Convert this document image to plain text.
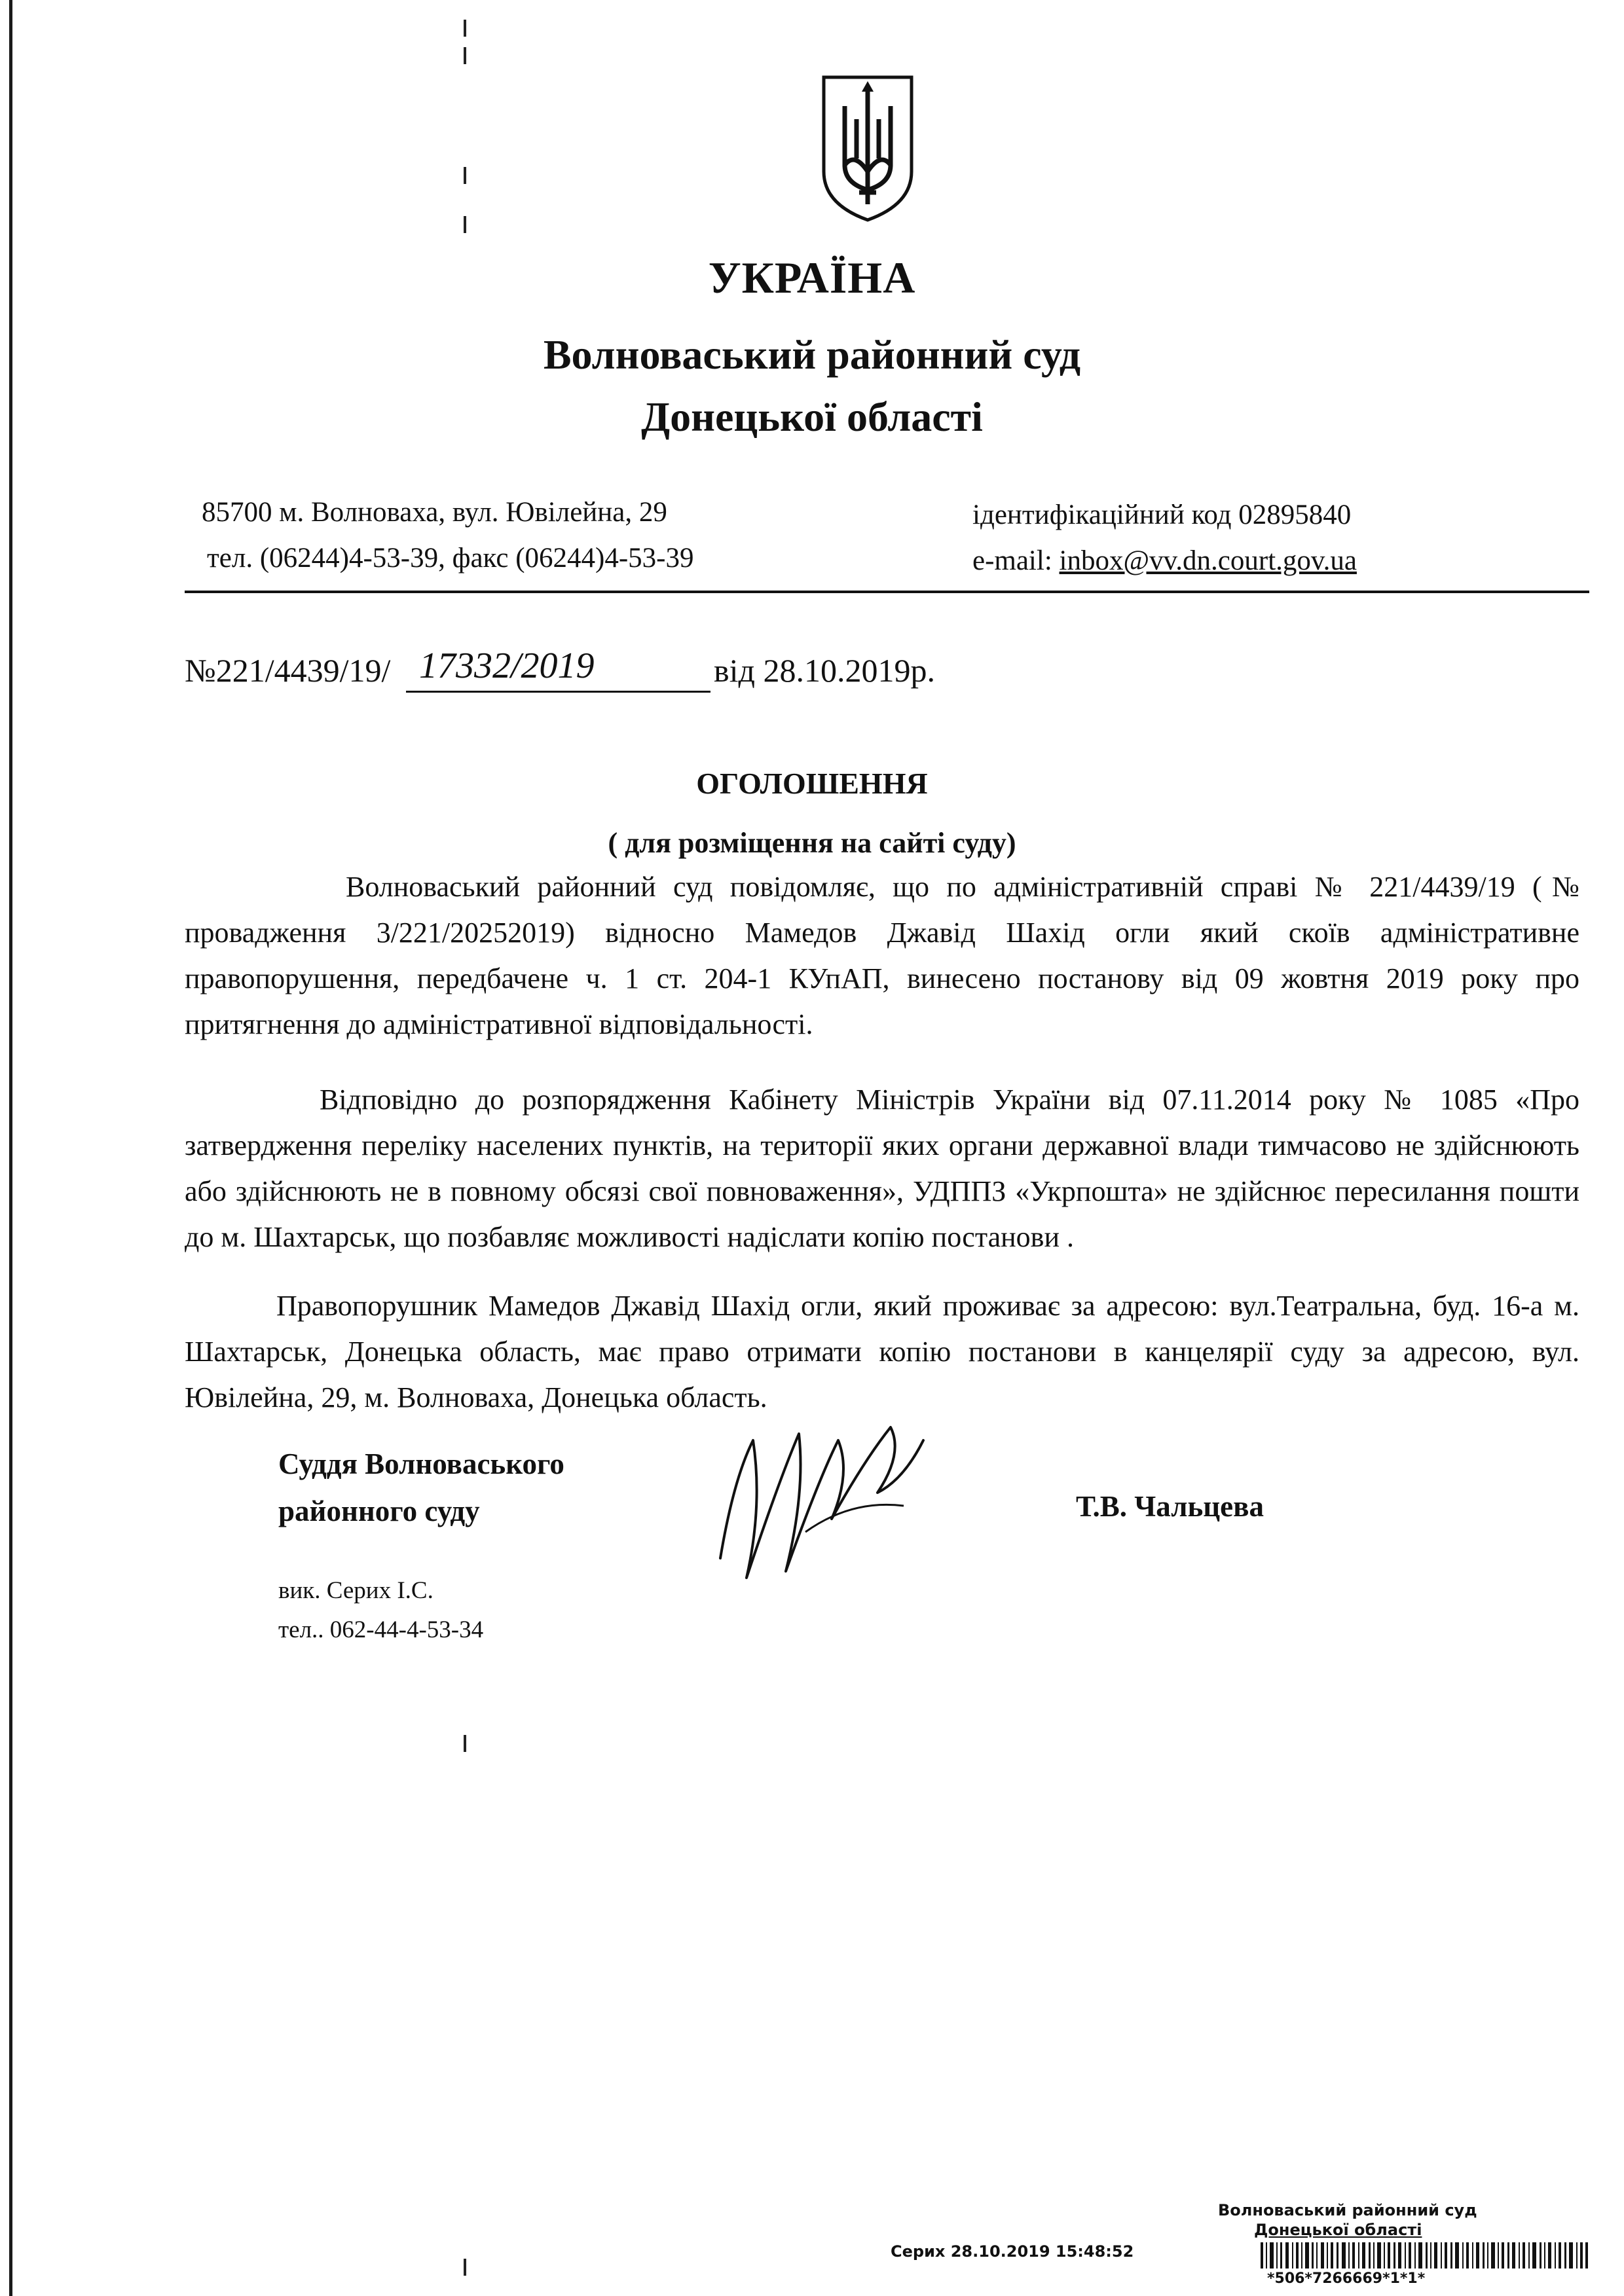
УКРАЇНА
Волноваський районний суд
Донецької області
85700 м. Волноваха, вул. Ювілейна, 29
тел. (06244)4-53-39, факс (06244)4-53-39
ідентифікаційний код 02895840
e-mail: inbox@vv.dn.court.gov.ua
№221/4439/19/ 17332/2019	від 28.10.2019р.
ОГОЛОШЕННЯ
( для розміщення на сайті суду)
Волноваський районний суд повідомляє, що по адміністративній справі № 221/4439/19 (№ провадження 3/221/20252019) відносно Мамедов Джавід Шахід огли який скоїв адміністративне правопорушення, передбачене ч. 1 ст. 204-1 КУпАП, винесено постанову від 09 жовтня 2019 року про притягнення до адміністративної відповідальності.
Відповідно до розпорядження Кабінету Міністрів України від 07.11.2014 року № 1085 «Про затвердження переліку населених пунктів, на території яких органи державної влади тимчасово не здійснюють або здійснюють не в повному обсязі свої повноваження», УДППЗ «Укрпошта» не здійснює пересилання пошти до м. Шахтарськ, що позбавляє можливості надіслати копію постанови .
Правопорушник Мамедов Джавід Шахід огли, який проживає за адресою: вул.Театральна, буд. 16-а м. Шахтарськ, Донецька область, має право отримати копію постанови в канцелярії суду за адресою, вул. Ювілейна, 29, м. Волноваха, Донецька область.
Суддя Волноваського
районного суду	Т.В. Чальцева
вик. Серих І.С.
тел.. 062-44-4-53-34
Волноваський районний суд
Донецької області
Серих 28.10.2019 15:48:52
*506*7266669*1*1*
